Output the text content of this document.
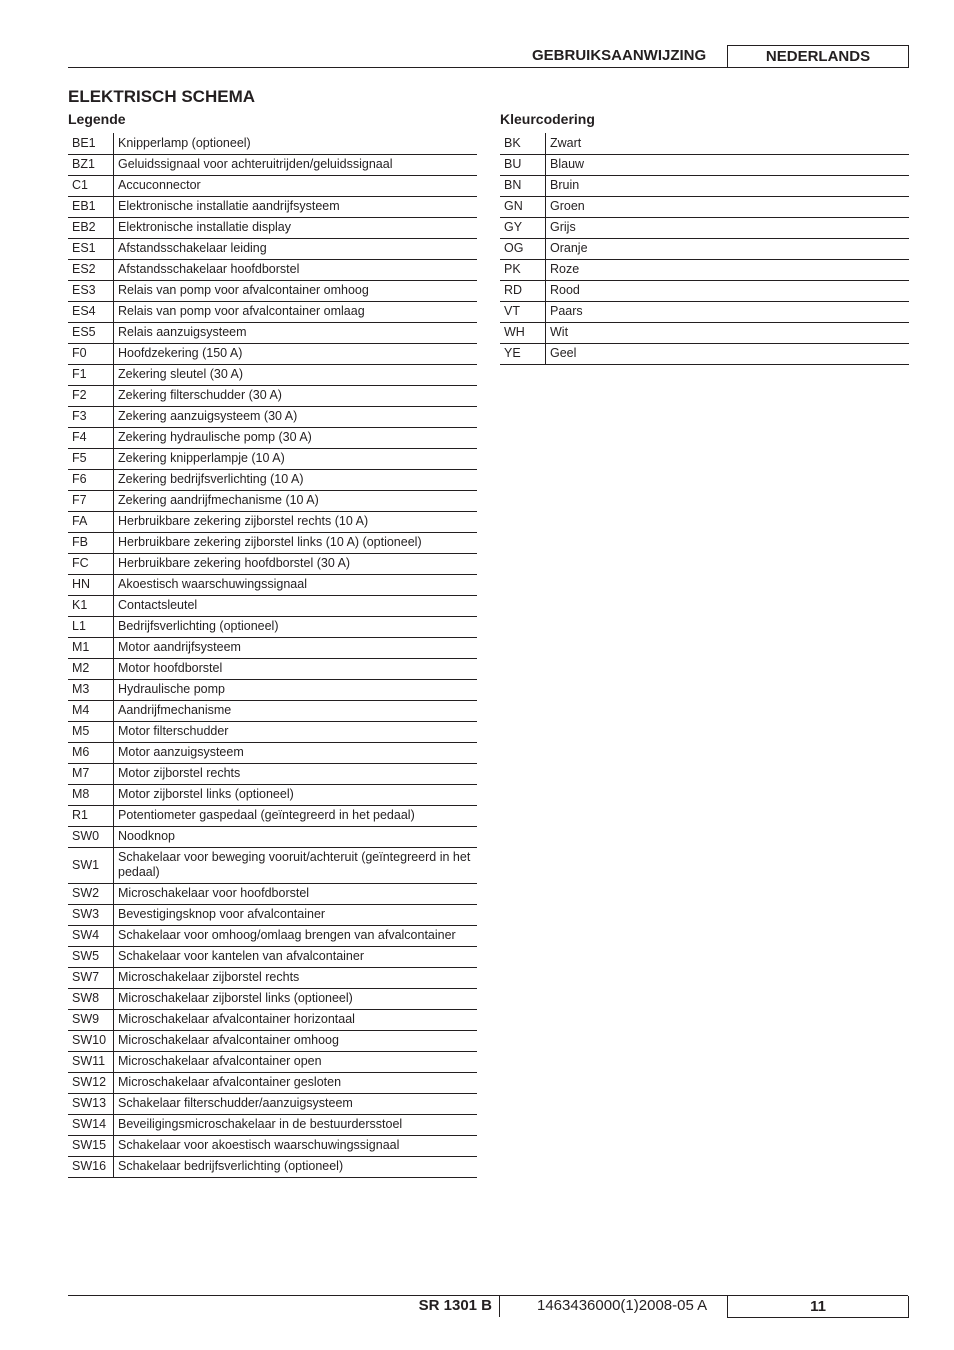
GEBRUIKSAANWIJZING	NEDERLANDS
ELEKTRISCH SCHEMA
Legende
BE1	Knipperlamp (optioneel)
BZ1	Geluidssignaal voor achteruitrijden/geluidssignaal
C1	Accuconnector
EB1	Elektronische installatie aandrijfsysteem
EB2	Elektronische installatie display
ES1	Afstandsschakelaar leiding
ES2	Afstandsschakelaar hoofdborstel
ES3	Relais van pomp voor afvalcontainer omhoog
ES4	Relais van pomp voor afvalcontainer omlaag
ES5	Relais aanzuigsysteem
F0	Hoofdzekering (150 A)
F1	Zekering sleutel (30 A)
F2	Zekering filterschudder (30 A)
F3	Zekering aanzuigsysteem (30 A)
F4	Zekering hydraulische pomp (30 A)
F5	Zekering knipperlampje (10 A)
F6	Zekering bedrijfsverlichting (10 A)
F7	Zekering aandrijfmechanisme (10 A)
FA	Herbruikbare zekering zijborstel rechts (10 A)
FB	Herbruikbare zekering zijborstel links (10 A) (optioneel)
FC	Herbruikbare zekering hoofdborstel (30 A)
HN	Akoestisch waarschuwingssignaal
K1	Contactsleutel
L1	Bedrijfsverlichting (optioneel)
M1	Motor aandrijfsysteem
M2	Motor hoofdborstel
M3	Hydraulische pomp
M4	Aandrijfmechanisme
M5	Motor filterschudder
M6	Motor aanzuigsysteem
M7	Motor zijborstel rechts
M8	Motor zijborstel links (optioneel)
R1	Potentiometer gaspedaal (geïntegreerd in het pedaal)
SW0	Noodknop
SW1	Schakelaar voor beweging vooruit/achteruit (geïntegreerd in het pedaal)
SW2	Microschakelaar voor hoofdborstel
SW3	Bevestigingsknop voor afvalcontainer
SW4	Schakelaar voor omhoog/omlaag brengen van afvalcontainer
SW5	Schakelaar voor kantelen van afvalcontainer
SW7	Microschakelaar zijborstel rechts
SW8	Microschakelaar zijborstel links (optioneel)
SW9	Microschakelaar afvalcontainer horizontaal
SW10	Microschakelaar afvalcontainer omhoog
SW11	Microschakelaar afvalcontainer open
SW12	Microschakelaar afvalcontainer gesloten
SW13	Schakelaar filterschudder/aanzuigsysteem
SW14	Beveiligingsmicroschakelaar in de bestuurdersstoel
SW15	Schakelaar voor akoestisch waarschuwingssignaal
SW16	Schakelaar bedrijfsverlichting (optioneel)
Kleurcodering
BK	Zwart
BU	Blauw
BN	Bruin
GN	Groen
GY	Grijs
OG	Oranje
PK	Roze
RD	Rood
VT	Paars
WH	Wit
YE	Geel
SR 1301 B	1463436000(1)2008-05 A	11
